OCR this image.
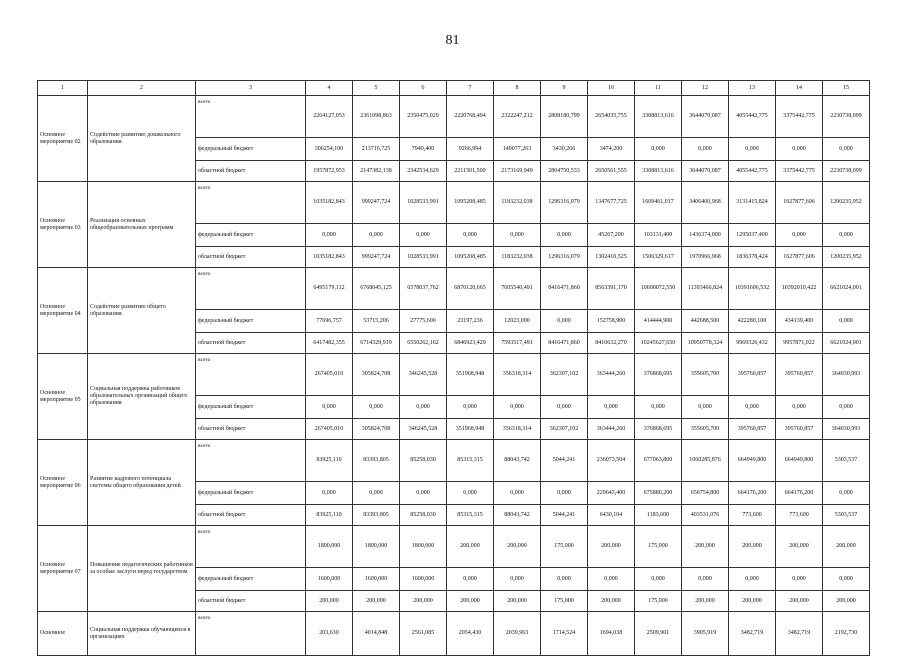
81
1	2	3	4	5	6	7	8	9	10	11	12	13	14	15
Основное мероприятие 02	Содействие развитию дошкольного образования	всего	2264127,053	2361098,863	2350475,029	2220768,494	2322247,212	2808180,799	2654035,755	3308813,616	3644070,087	4055442,775	3375442,775	2230738,099
		федеральный бюджет	306254,100	213716,725	7940,400	9266,994	149077,263	3430,266	3474,200	0,000	0,000	0,000	0,000	0,000
		областной бюджет	1957872,953	2147382,138	2342534,629	2211501,500	2173169,949	2804750,533	2650561,555	3308813,616	3644070,087	4055442,775	3375442,775	2230738,099
Основное мероприятие 03	Реализация основных общеобразовательных программ	всего	1035182,843	999247,724	1028533,991	1095208,485	1183232,038	1296316,079	1347677,725	1609461,017	3406400,968	3131415,824	1627877,606	1200235,952
		федеральный бюджет	0,000	0,000	0,000	0,000	0,000	0,000	45267,200	103131,400	1436374,000	1295037,400	0,000	0,000
		областной бюджет	1035182,843	999247,724	1028533,991	1095208,485	1183232,038	1296316,079	1302410,525	1506329,617	1970966,968	1836378,424	1627877,606	1200235,952
Основное мероприятие 04	Содействие развитию общего образования	всего	6495179,112	6768045,125	6578037,762	6870120,665	7605540,491	8416471,860	8563391,170	10600072,550	11393466,824	10391606,532	10392010,422	6621024,001
		федеральный бюджет	77696,757	53715,206	27775,600	23197,236	12023,000	0,000	152758,900	414444,900	442688,500	422280,100	434139,400	0,000
		областной бюджет	6417482,355	6714329,919	6550262,162	6846923,429	7593517,491	8416471,860	8410632,270	10245627,650	10950778,324	9969326,432	9957871,022	6621024,001
Основное мероприятие 05	Социальная поддержка работников образовательных организаций общего образования	всего	267405,010	305824,708	346245,528	351968,948	356318,314	362307,102	363444,260	376868,695	355605,700	395760,857	395760,857	364030,993
		федеральный бюджет	0,000	0,000	0,000	0,000	0,000	0,000	0,000	0,000	0,000	0,000	0,000	0,000
		областной бюджет	267405,010	305824,708	346245,528	351968,948	356318,314	362307,102	363444,260	376868,695	355605,700	395760,857	395760,857	364030,993
Основное мероприятие 06	Развитие кадрового потенциала системы общего образования детей	всего	83925,110	83393,805	85258,030	85315,315	88043,742	5044,241	236073,504	677063,800	1060285,876	664949,800	664949,800	5303,537
		федеральный бюджет	0,000	0,000	0,000	0,000	0,000	0,000	229643,400	675880,200	656754,800	664176,200	664176,200	0,000
		областной бюджет	83925,110	83393,805	85258,030	85315,315	88043,742	5044,241	6430,104	1183,600	403531,076	773,600	773,600	5303,537
Основное мероприятие 07	Повышение педагогических работников за особые заслуги перед государством	всего	1800,000	1800,000	1800,000	200,000	200,000	175,000	200,000	175,000	200,000	200,000	200,000	200,000
		федеральный бюджет	1600,000	1600,000	1600,000	0,000	0,000	0,000	0,000	0,000	0,000	0,000	0,000	0,000
		областной бюджет	200,000	200,000	200,000	200,000	200,000	175,000	200,000	175,000	200,000	200,000	200,000	200,000
Основное	Социальная поддержка обучающихся в организациях	всего	203,630	4014,848	2561,085	2054,430	2039,963	1714,524	1694,038	2509,901	3905,919	3482,719	3482,719	2192,730
